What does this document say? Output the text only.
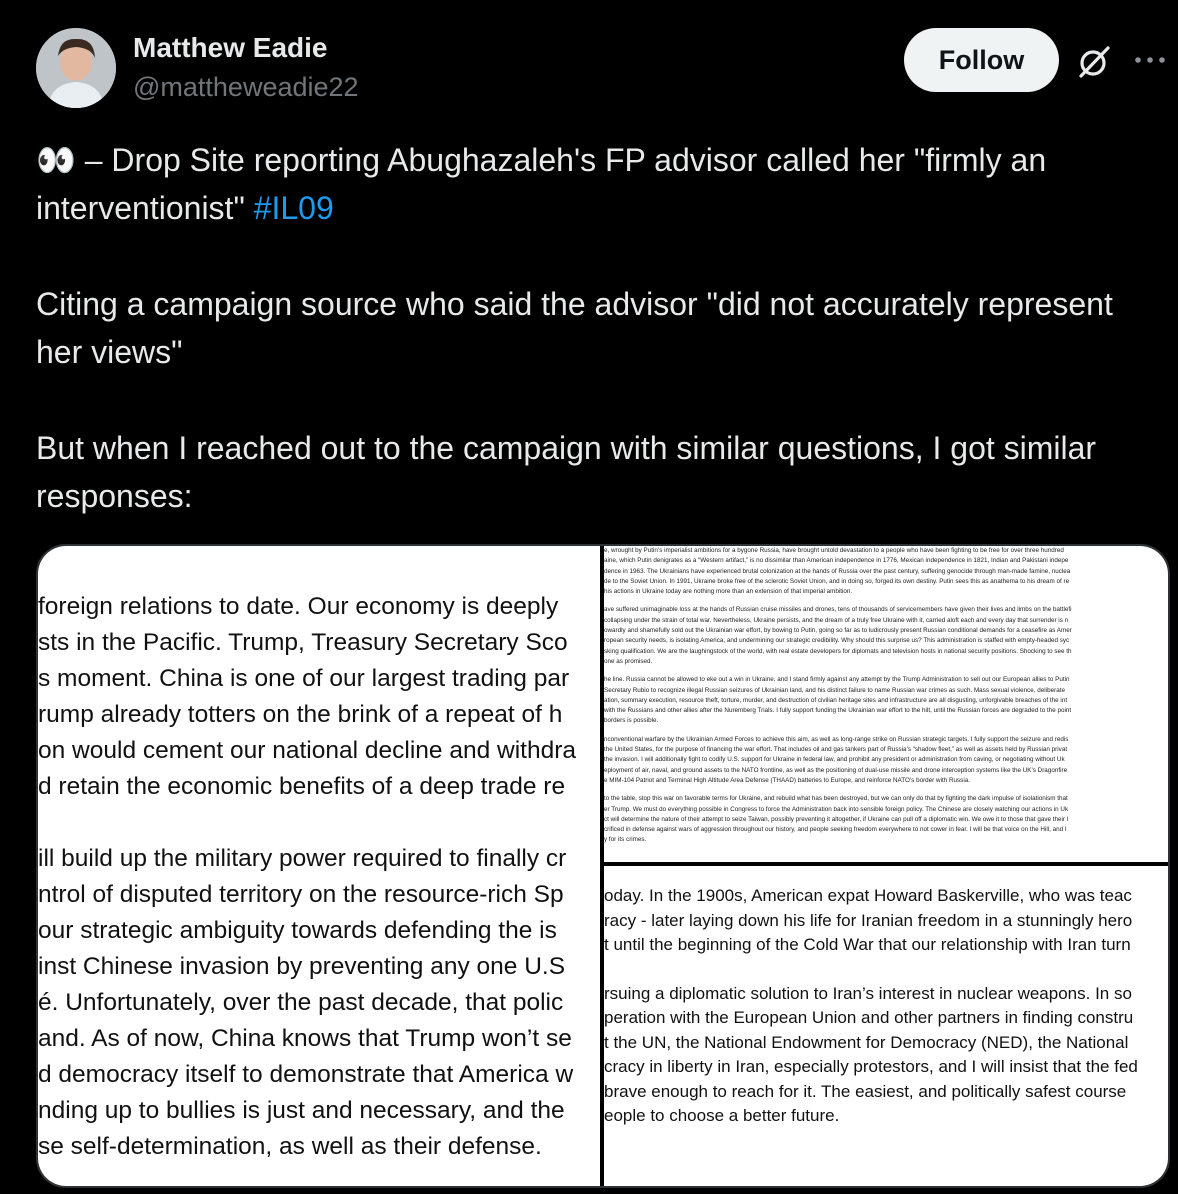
Matthew Eadie
@mattheweadie22
Follow

👀 – Drop Site reporting Abughazaleh's FP advisor called her "firmly an interventionist" #IL09

Citing a campaign source who said the advisor "did not accurately represent her views"

But when I reached out to the campaign with similar questions, I got similar responses:

foreign relations to date. Our economy is deeply
sts in the Pacific. Trump, Treasury Secretary Sco
s moment. China is one of our largest trading par
rump already totters on the brink of a repeat of h
on would cement our national decline and withdra
d retain the economic benefits of a deep trade re
ill build up the military power required to finally cr
ntrol of disputed territory on the resource-rich Sp
our strategic ambiguity towards defending the is
inst Chinese invasion by preventing any one U.S
é. Unfortunately, over the past decade, that polic
and. As of now, China knows that Trump won’t se
d democracy itself to demonstrate that America w
nding up to bullies is just and necessary, and the
se self-determination, as well as their defense.
e, wrought by Putin’s imperialist ambitions for a bygone Russia, have brought untold devastation to a people who have been fighting to be free for over three hundred
aine, which Putin denigrates as a “Western artifact,” is no dissimilar than American independence in 1776, Mexican independence in 1821, Indian and Pakistani indepe
dence in 1963. The Ukrainians have experienced brutal colonization at the hands of Russia over the past century, suffering genocide through man-made famine, nuclea
de to the Soviet Union. In 1991, Ukraine broke free of the sclerotic Soviet Union, and in doing so, forged its own destiny. Putin sees this as anathema to his dream of re
his actions in Ukraine today are nothing more than an extension of that imperial ambition.
ave suffered unimaginable loss at the hands of Russian cruise missiles and drones, tens of thousands of servicemembers have given their lives and limbs on the battlefi
collapsing under the strain of total war. Nevertheless, Ukraine persists, and the dream of a truly free Ukraine with it, carried aloft each and every day that surrender is n
owardly and shamefully sold out the Ukrainian war effort, by bowing to Putin, going so far as to ludicrously present Russian conditional demands for a ceasefire as Amer
ropean security needs, is isolating America, and undermining our strategic credibility. Why should this surprise us? This administration is staffed with empty-headed syc
sking qualification. We are the laughingstock of the world, with real estate developers for diplomats and television hosts in national security positions. Shocking to see th
one as promised.
he line. Russia cannot be allowed to eke out a win in Ukraine, and I stand firmly against any attempt by the Trump Administration to sell out our European allies to Putin
Secretary Rubio to recognize illegal Russian seizures of Ukrainian land, and his distinct failure to name Russian war crimes as such. Mass sexual violence, deliberate
ation, summary execution, resource theft, torture, murder, and destruction of civilian heritage sites and infrastructure are all disgusting, unforgivable breaches of the int
with the Russians and other allies after the Nuremberg Trials. I fully support funding the Ukrainian war effort to the hilt, until the Russian forces are degraded to the point
borders is possible.
nconventional warfare by the Ukrainian Armed Forces to achieve this aim, as well as long-range strike on Russian strategic targets. I fully support the seizure and redis
the United States, for the purpose of financing the war effort. That includes oil and gas tankers part of Russia’s “shadow fleet,” as well as assets held by Russian privat
the invasion. I will additionally fight to codify U.S. support for Ukraine in federal law, and prohibit any president or administration from caving, or negotiating without Uk
eployment of air, naval, and ground assets to the NATO frontline, as well as the positioning of dual-use missile and drone interception systems like the UK’s Dragonfire
e MIM-104 Patriot and Terminal High Altitude Area Defense (THAAD) batteries to Europe, and reinforce NATO’s border with Russia.
to the table, stop this war on favorable terms for Ukraine, and rebuild what has been destroyed, but we can only do that by fighting the dark impulse of isolationism that
er Trump. We must do everything possible in Congress to force the Administration back into sensible foreign policy. The Chinese are closely watching our actions in Uk
ct will determine the nature of their attempt to seize Taiwan, possibly preventing it altogether, if Ukraine can pull off a diplomatic win. We owe it to those that gave their l
crificed in defense against wars of aggression throughout our history, and people seeking freedom everywhere to not cower in fear. I will be that voice on the Hill, and I
y for its crimes.
oday. In the 1900s, American expat Howard Baskerville, who was teac
racy - later laying down his life for Iranian freedom in a stunningly hero
t until the beginning of the Cold War that our relationship with Iran turn
rsuing a diplomatic solution to Iran’s interest in nuclear weapons. In so
peration with the European Union and other partners in finding constru
t the UN, the National Endowment for Democracy (NED), the National
cracy in liberty in Iran, especially protestors, and I will insist that the fed
brave enough to reach for it. The easiest, and politically safest course
eople to choose a better future.
